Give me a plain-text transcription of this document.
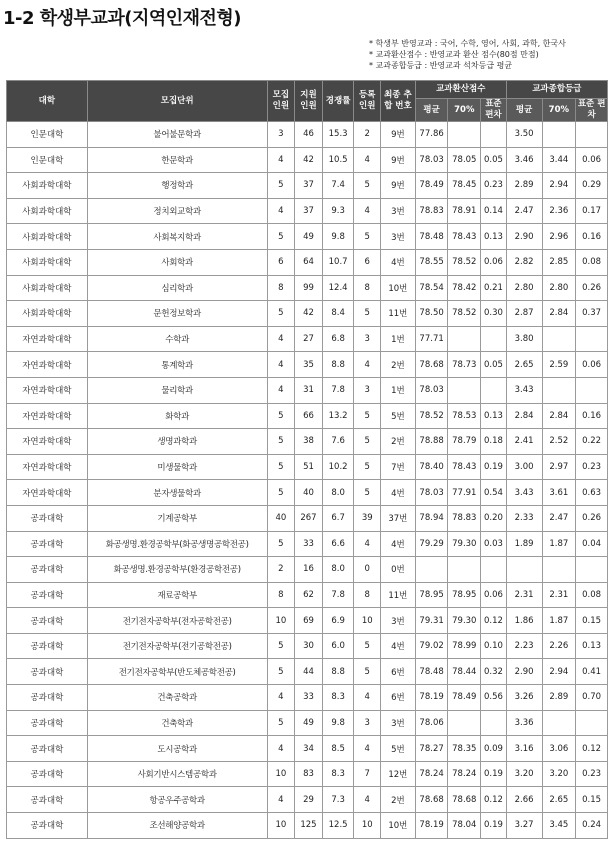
1-2 학생부교과(지역인재전형)
* 학생부 반영교과 : 국어, 수학, 영어, 사회, 과학, 한국사
* 교과환산점수 : 반영교과 환산 점수(80점 만점)
* 교과종합등급 : 반영교과 석차등급 평균
대학	모집단위	모집 인원	지원 인원	경쟁률	등록 인원	최종 추합 번호	교과환산점수			교과종합등급		
							평균	70%	표준 편차	평균	70%	표준 편차
인문대학	불어불문학과	3	46	15.3	2	9번	77.86			3.50		
인문대학	한문학과	4	42	10.5	4	9번	78.03	78.05	0.05	3.46	3.44	0.06
사회과학대학	행정학과	5	37	7.4	5	9번	78.49	78.45	0.23	2.89	2.94	0.29
사회과학대학	정치외교학과	4	37	9.3	4	3번	78.83	78.91	0.14	2.47	2.36	0.17
사회과학대학	사회복지학과	5	49	9.8	5	3번	78.48	78.43	0.13	2.90	2.96	0.16
사회과학대학	사회학과	6	64	10.7	6	4번	78.55	78.52	0.06	2.82	2.85	0.08
사회과학대학	심리학과	8	99	12.4	8	10번	78.54	78.42	0.21	2.80	2.80	0.26
사회과학대학	문헌정보학과	5	42	8.4	5	11번	78.50	78.52	0.30	2.87	2.84	0.37
자연과학대학	수학과	4	27	6.8	3	1번	77.71			3.80		
자연과학대학	통계학과	4	35	8.8	4	2번	78.68	78.73	0.05	2.65	2.59	0.06
자연과학대학	물리학과	4	31	7.8	3	1번	78.03			3.43		
자연과학대학	화학과	5	66	13.2	5	5번	78.52	78.53	0.13	2.84	2.84	0.16
자연과학대학	생명과학과	5	38	7.6	5	2번	78.88	78.79	0.18	2.41	2.52	0.22
자연과학대학	미생물학과	5	51	10.2	5	7번	78.40	78.43	0.19	3.00	2.97	0.23
자연과학대학	분자생물학과	5	40	8.0	5	4번	78.03	77.91	0.54	3.43	3.61	0.63
공과대학	기계공학부	40	267	6.7	39	37번	78.94	78.83	0.20	2.33	2.47	0.26
공과대학	화공생명.환경공학부(화공생명공학전공)	5	33	6.6	4	4번	79.29	79.30	0.03	1.89	1.87	0.04
공과대학	화공생명.환경공학부(환경공학전공)	2	16	8.0	0	0번						
공과대학	재료공학부	8	62	7.8	8	11번	78.95	78.95	0.06	2.31	2.31	0.08
공과대학	전기전자공학부(전자공학전공)	10	69	6.9	10	3번	79.31	79.30	0.12	1.86	1.87	0.15
공과대학	전기전자공학부(전기공학전공)	5	30	6.0	5	4번	79.02	78.99	0.10	2.23	2.26	0.13
공과대학	전기전자공학부(반도체공학전공)	5	44	8.8	5	6번	78.48	78.44	0.32	2.90	2.94	0.41
공과대학	건축공학과	4	33	8.3	4	6번	78.19	78.49	0.56	3.26	2.89	0.70
공과대학	건축학과	5	49	9.8	3	3번	78.06			3.36		
공과대학	도시공학과	4	34	8.5	4	5번	78.27	78.35	0.09	3.16	3.06	0.12
공과대학	사회기반시스템공학과	10	83	8.3	7	12번	78.24	78.24	0.19	3.20	3.20	0.23
공과대학	항공우주공학과	4	29	7.3	4	2번	78.68	78.68	0.12	2.66	2.65	0.15
공과대학	조선해양공학과	10	125	12.5	10	10번	78.19	78.04	0.19	3.27	3.45	0.24
